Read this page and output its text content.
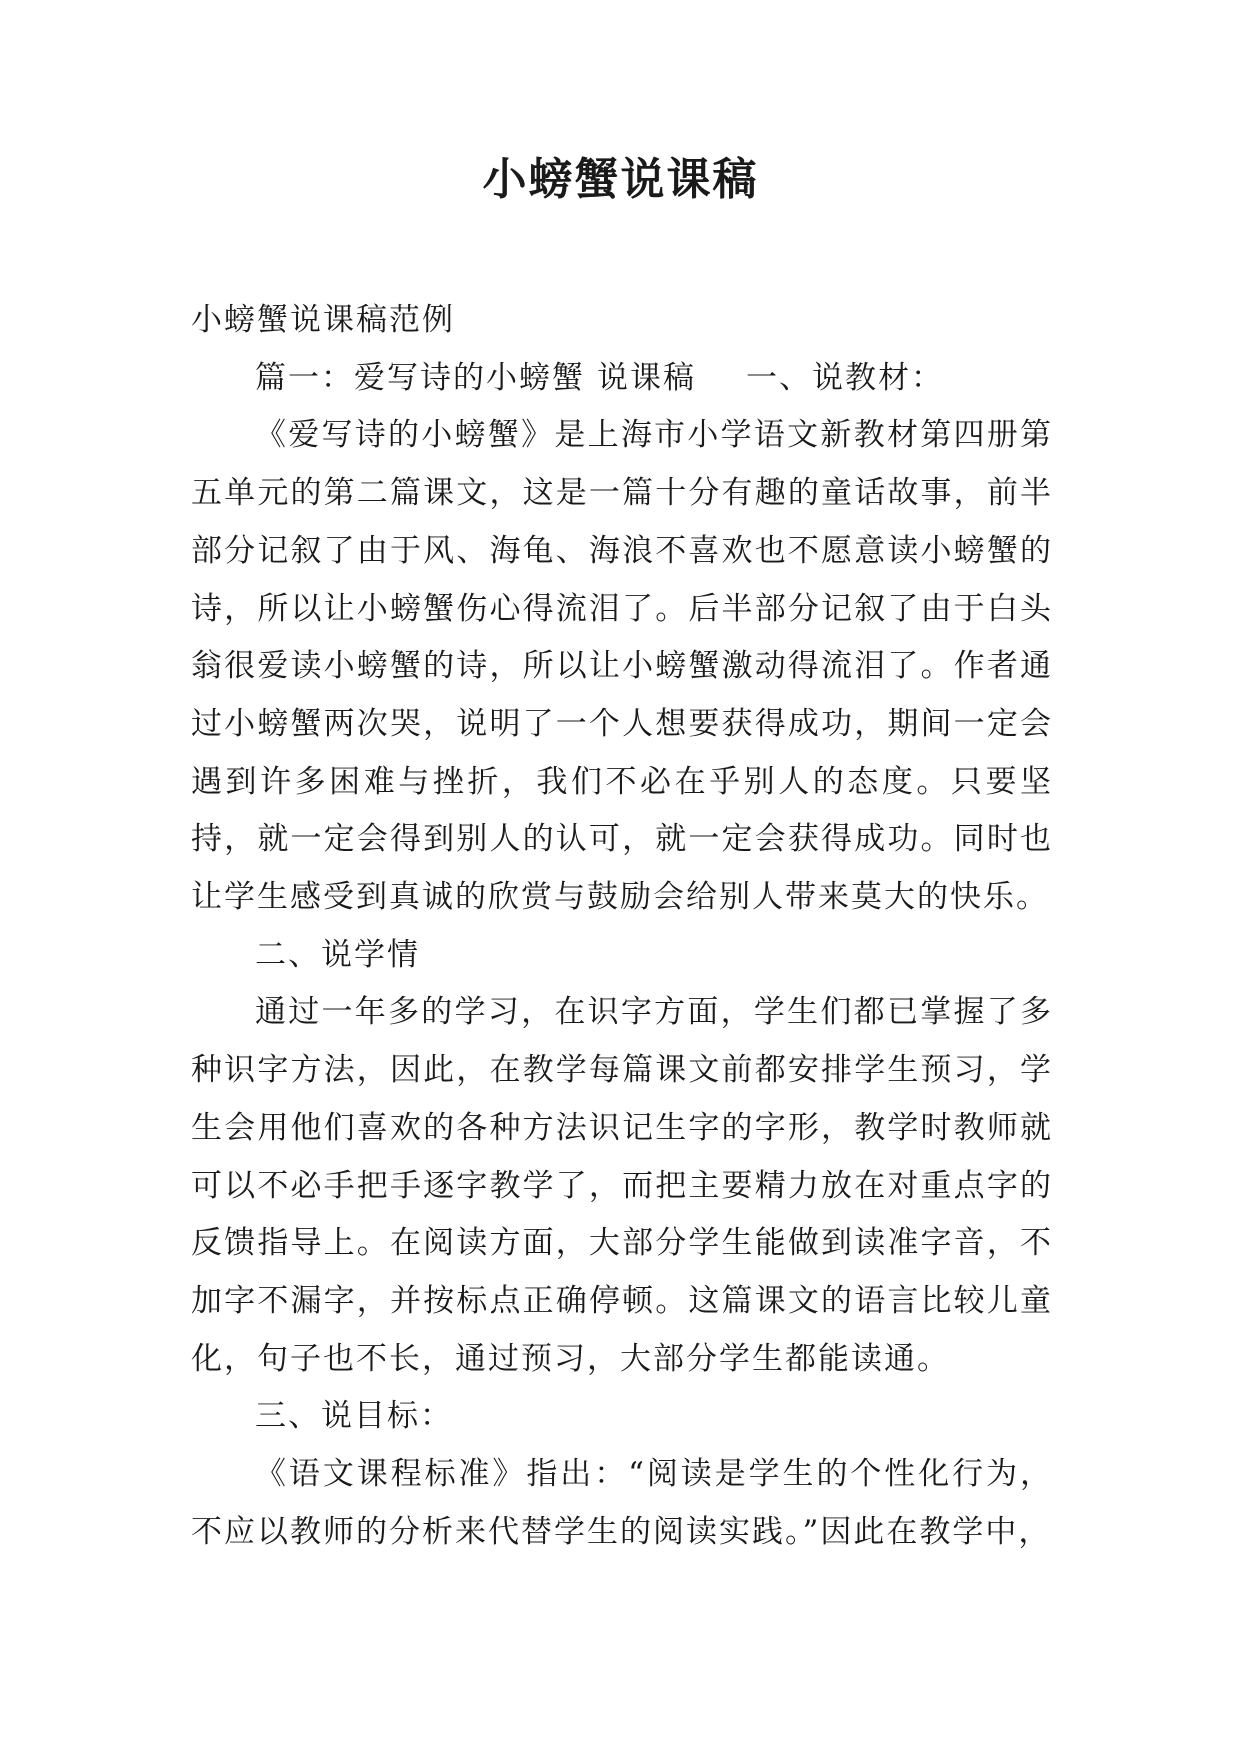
小螃蟹说课稿

小螃蟹说课稿范例

篇一：爱写诗的小螃蟹 说课稿 一、说教材：

《爱写诗的小螃蟹》是上海市小学语文新教材第四册第五单元的第二篇课文，这是一篇十分有趣的童话故事，前半部分记叙了由于风、海龟、海浪不喜欢也不愿意读小螃蟹的诗，所以让小螃蟹伤心得流泪了。后半部分记叙了由于白头翁很爱读小螃蟹的诗，所以让小螃蟹激动得流泪了。作者通过小螃蟹两次哭，说明了一个人想要获得成功，期间一定会遇到许多困难与挫折，我们不必在乎别人的态度。只要坚持，就一定会得到别人的认可，就一定会获得成功。同时也让学生感受到真诚的欣赏与鼓励会给别人带来莫大的快乐。

二、说学情

通过一年多的学习，在识字方面，学生们都已掌握了多种识字方法，因此，在教学每篇课文前都安排学生预习，学生会用他们喜欢的各种方法识记生字的字形，教学时教师就可以不必手把手逐字教学了，而把主要精力放在对重点字的反馈指导上。在阅读方面，大部分学生能做到读准字音，不加字不漏字，并按标点正确停顿。这篇课文的语言比较儿童化，句子也不长，通过预习，大部分学生都能读通。

三、说目标：

《语文课程标准》指出：“阅读是学生的个性化行为，不应以教师的分析来代替学生的阅读实践。”因此在教学中，
